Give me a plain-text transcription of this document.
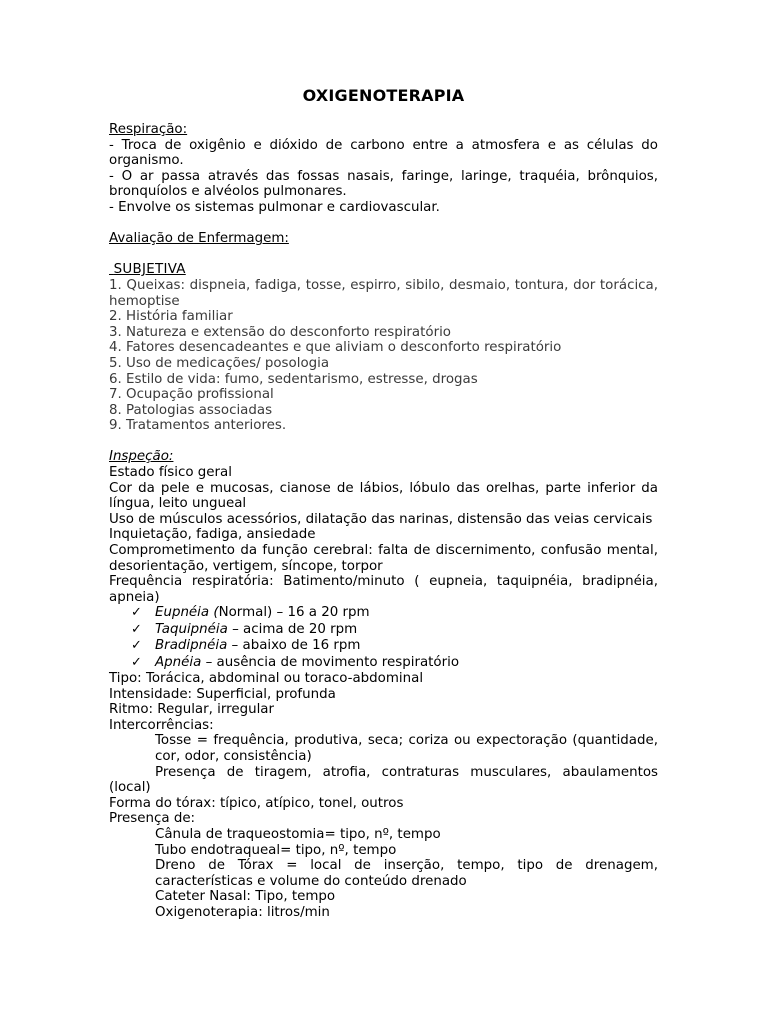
OXIGENOTERAPIA

Respiração:

- Troca de oxigênio e dióxido de carbono entre a atmosfera e as células do organismo.

- O ar passa através das fossas nasais, faringe, laringe, traquéia, brônquios, bronquíolos e alvéolos pulmonares.

- Envolve os sistemas pulmonar e cardiovascular.

Avaliação de Enfermagem:

SUBJETIVA

1. Queixas: dispneia, fadiga, tosse, espirro, sibilo, desmaio, tontura, dor torácica, hemoptise

2. História familiar

3. Natureza e extensão do desconforto respiratório

4. Fatores desencadeantes e que aliviam o desconforto respiratório

5. Uso de medicações/ posologia

6. Estilo de vida: fumo, sedentarismo, estresse, drogas

7. Ocupação profissional

8. Patologias associadas

9. Tratamentos anteriores.

Inspeção:

Estado físico geral

Cor da pele e mucosas, cianose de lábios, lóbulo das orelhas, parte inferior da língua, leito ungueal

Uso de músculos acessórios, dilatação das narinas, distensão das veias cervicais

Inquietação, fadiga, ansiedade

Comprometimento da função cerebral: falta de discernimento, confusão mental, desorientação, vertigem, síncope, torpor

Frequência respiratória: Batimento/minuto ( eupneia, taquipnéia, bradipnéia, apneia)

✓ Eupnéia (Normal) – 16 a 20 rpm
✓ Taquipnéia – acima de 20 rpm
✓ Bradipnéia – abaixo de 16 rpm
✓ Apnéia – ausência de movimento respiratório

Tipo: Torácica, abdominal ou toraco-abdominal

Intensidade: Superficial, profunda

Ritmo: Regular, irregular

Intercorrências:

Tosse = frequência, produtiva, seca; coriza ou expectoração (quantidade, cor, odor, consistência)

Presença de tiragem, atrofia, contraturas musculares, abaulamentos (local)

Forma do tórax: típico, atípico, tonel, outros

Presença de:

Cânula de traqueostomia= tipo, nº, tempo

Tubo endotraqueal= tipo, nº, tempo

Dreno de Tórax = local de inserção, tempo, tipo de drenagem, características e volume do conteúdo drenado

Cateter Nasal: Tipo, tempo

Oxigenoterapia: litros/min
